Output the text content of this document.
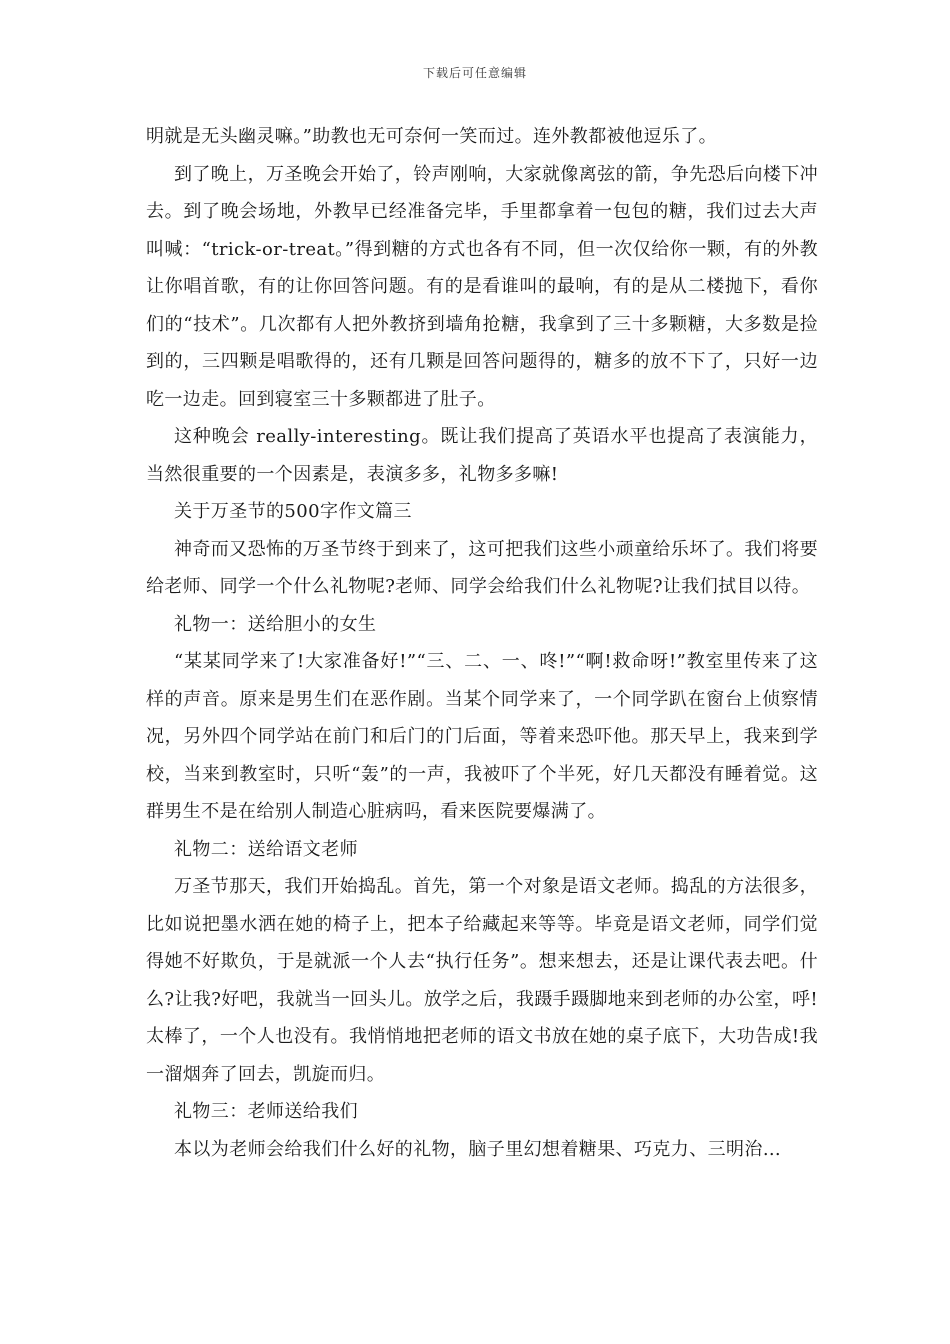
下载后可任意编辑

明就是无头幽灵嘛。”助教也无可奈何一笑而过。连外教都被他逗乐了。

到了晚上，万圣晚会开始了，铃声刚响，大家就像离弦的箭，争先恐后向楼下冲去。到了晚会场地，外教早已经准备完毕，手里都拿着一包包的糖，我们过去大声叫喊：“trick-or-treat。”得到糖的方式也各有不同，但一次仅给你一颗，有的外教让你唱首歌，有的让你回答问题。有的是看谁叫的最响，有的是从二楼抛下，看你们的“技术”。几次都有人把外教挤到墙角抢糖，我拿到了三十多颗糖，大多数是捡到的，三四颗是唱歌得的，还有几颗是回答问题得的，糖多的放不下了，只好一边吃一边走。回到寝室三十多颗都进了肚子。

这种晚会 really-interesting。既让我们提高了英语水平也提高了表演能力，当然很重要的一个因素是，表演多多，礼物多多嘛!

关于万圣节的500字作文篇三

神奇而又恐怖的万圣节终于到来了，这可把我们这些小顽童给乐坏了。我们将要给老师、同学一个什么礼物呢?老师、同学会给我们什么礼物呢?让我们拭目以待。

礼物一：送给胆小的女生

“某某同学来了!大家准备好!”“三、二、一、咚!”“啊!救命呀!”教室里传来了这样的声音。原来是男生们在恶作剧。当某个同学来了，一个同学趴在窗台上侦察情况，另外四个同学站在前门和后门的门后面，等着来恐吓他。那天早上，我来到学校，当来到教室时，只听“轰”的一声，我被吓了个半死，好几天都没有睡着觉。这群男生不是在给别人制造心脏病吗，看来医院要爆满了。

礼物二：送给语文老师

万圣节那天，我们开始捣乱。首先，第一个对象是语文老师。捣乱的方法很多，比如说把墨水洒在她的椅子上，把本子给藏起来等等。毕竟是语文老师，同学们觉得她不好欺负，于是就派一个人去“执行任务”。想来想去，还是让课代表去吧。什么?让我?好吧，我就当一回头儿。放学之后，我蹑手蹑脚地来到老师的办公室，呼!太棒了，一个人也没有。我悄悄地把老师的语文书放在她的桌子底下，大功告成!我一溜烟奔了回去，凯旋而归。

礼物三：老师送给我们

本以为老师会给我们什么好的礼物，脑子里幻想着糖果、巧克力、三明治…
